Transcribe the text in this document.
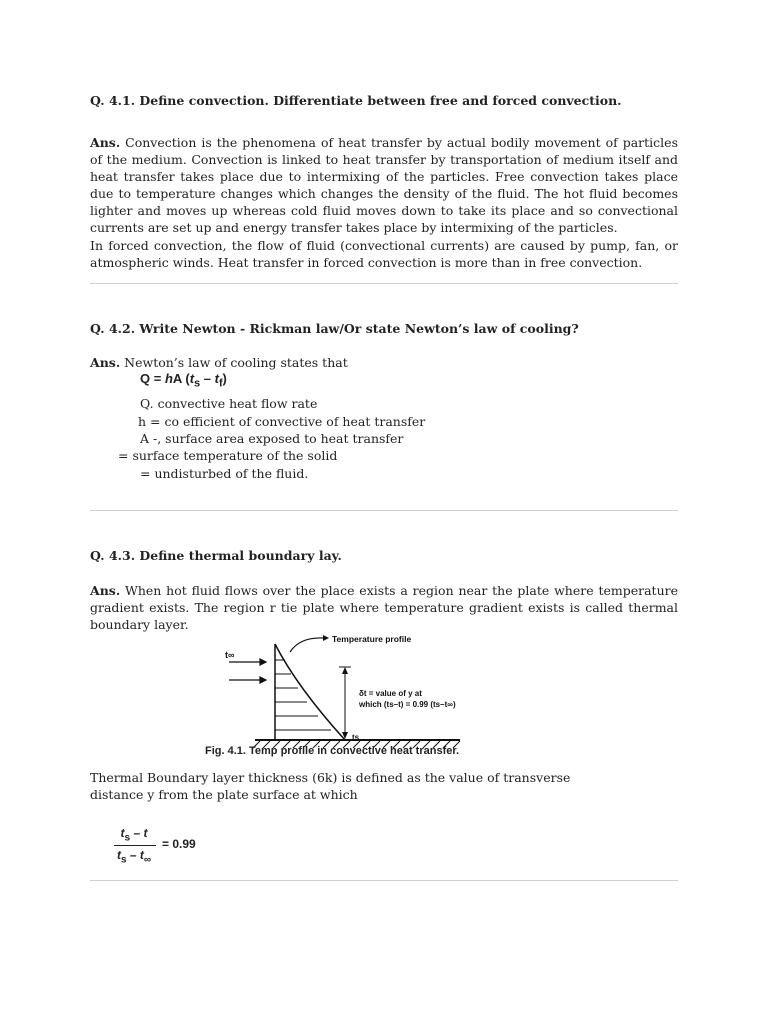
Q. 4.1. Define convection. Differentiate between free and forced convection.
Ans. Convection is the phenomena of heat transfer by actual bodily movement of particles of the medium. Convection is linked to heat transfer by transportation of medium itself and heat transfer takes place due to intermixing of the particles. Free convection takes place due to temperature changes which changes the density of the fluid. The hot fluid becomes lighter and moves up whereas cold fluid moves down to take its place and so convectional currents are set up and energy transfer takes place by intermixing of the particles.
In forced convection, the flow of fluid (convectional currents) are caused by pump, fan, or atmospheric winds. Heat transfer in forced convection is more than in free convection.
Q. 4.2. Write Newton - Rickman law/Or state Newton’s law of cooling?
Ans. Newton’s law of cooling states that
Q = hA $(t_s - t_f)$
Q. convective heat flow rate
h = co efficient of convective of heat transfer
A -, surface area exposed to heat transfer
= surface temperature of the solid
= undisturbed of the fluid.
Q. 4.3. Define thermal boundary lay.
Ans. When hot fluid flows over the place exists a region near the plate where temperature gradient exists. The region r tie plate where temperature gradient exists is called thermal boundary layer.
t∞
Temperature profile
δt = value of y at
which (ts–t) = 0.99 (ts–t∞)
ts
Fig. 4.1. Temp profile in convective heat transfer.
Thermal Boundary layer thickness (6k) is defined as the value of transverse
distance y from the plate surface at which
$t_s$ – t
$t_s - t_\infty$
= 0.99
